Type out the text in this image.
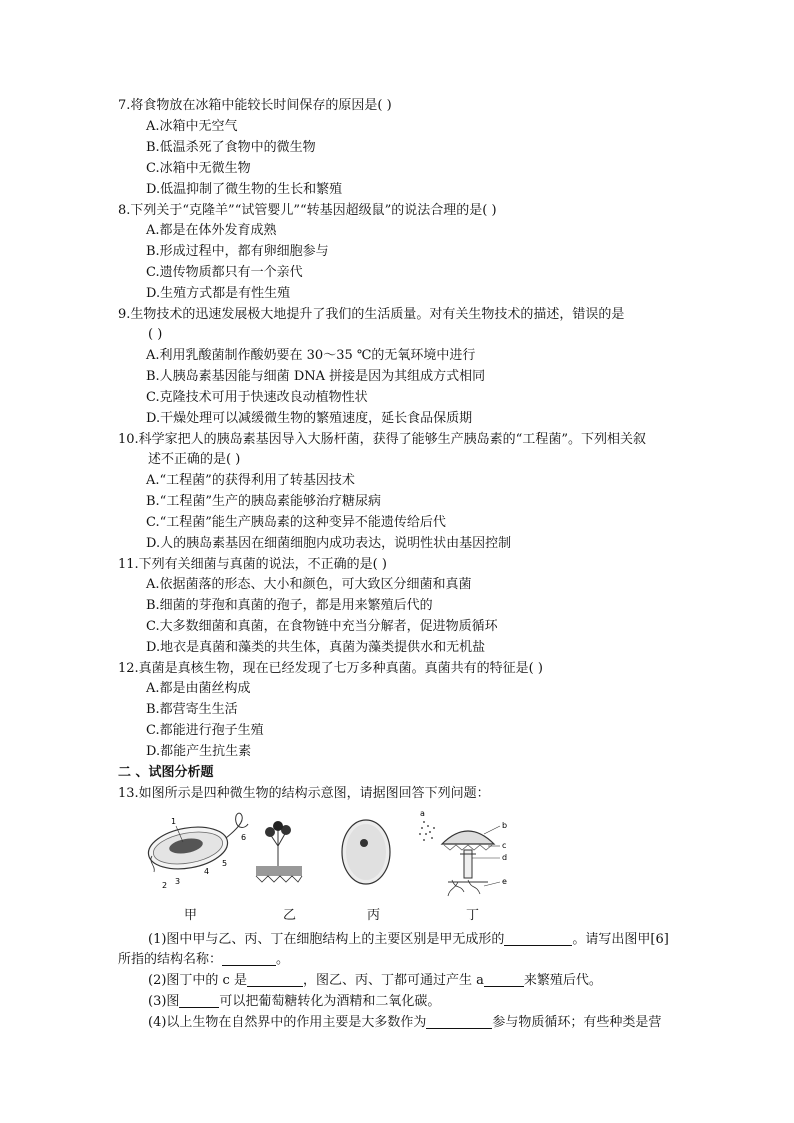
7.将食物放在冰箱中能较长时间保存的原因是( )
A.冰箱中无空气
B.低温杀死了食物中的微生物
C.冰箱中无微生物
D.低温抑制了微生物的生长和繁殖
8.下列关于“克隆羊”“试管婴儿”“转基因超级鼠”的说法合理的是( )
A.都是在体外发育成熟
B.形成过程中，都有卵细胞参与
C.遗传物质都只有一个亲代
D.生殖方式都是有性生殖
9.生物技术的迅速发展极大地提升了我们的生活质量。对有关生物技术的描述，错误的是
( )
A.利用乳酸菌制作酸奶要在 30～35 ℃的无氧环境中进行
B.人胰岛素基因能与细菌 DNA 拼接是因为其组成方式相同
C.克隆技术可用于快速改良动植物性状
D.干燥处理可以减缓微生物的繁殖速度，延长食品保质期
10.科学家把人的胰岛素基因导入大肠杆菌，获得了能够生产胰岛素的“工程菌”。下列相关叙
述不正确的是( )
A.“工程菌”的获得利用了转基因技术
B.“工程菌”生产的胰岛素能够治疗糖尿病
C.“工程菌”能生产胰岛素的这种变异不能遗传给后代
D.人的胰岛素基因在细菌细胞内成功表达，说明性状由基因控制
11.下列有关细菌与真菌的说法，不正确的是( )
A.依据菌落的形态、大小和颜色，可大致区分细菌和真菌
B.细菌的芽孢和真菌的孢子，都是用来繁殖后代的
C.大多数细菌和真菌，在食物链中充当分解者，促进物质循环
D.地衣是真菌和藻类的共生体，真菌为藻类提供水和无机盐
12.真菌是真核生物，现在已经发现了七万多种真菌。真菌共有的特征是( )
A.都是由菌丝构成
B.都营寄生生活
C.都能进行孢子生殖
D.都能产生抗生素
二 、试图分析题
13.如图所示是四种微生物的结构示意图，请据图回答下列问题：
1
2 3
4
5
6
a
b
c
d
e
甲	乙	丙	丁
(1)图中甲与乙、丙、丁在细胞结构上的主要区别是甲无成形的	。请写出图甲[6]
所指的结构名称：	。
(2)图丁中的 c 是	，图乙、丙、丁都可通过产生 a	来繁殖后代。
(3)图	可以把葡萄糖转化为酒精和二氧化碳。
(4)以上生物在自然界中的作用主要是大多数作为	参与物质循环；有些种类是营
